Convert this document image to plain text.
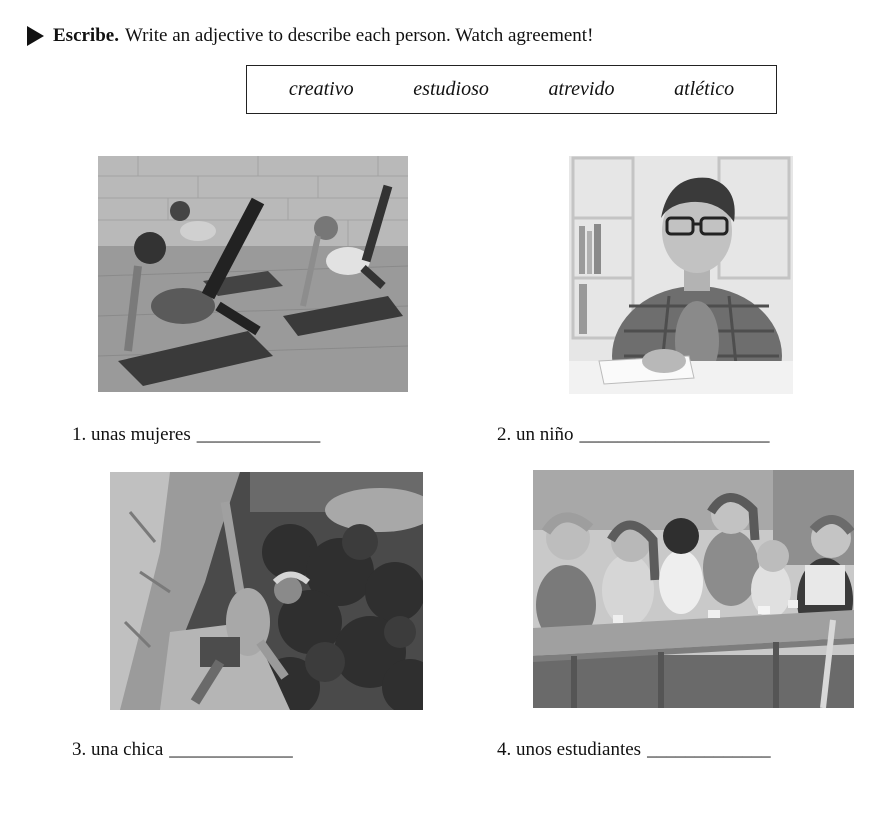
Escribe. Write an adjective to describe each person. Watch agreement!
creativo	estudioso	atrevido	atlético
1. unas mujeres _____________	2. un niño ____________________
3. una chica _____________	4. unos estudiantes _____________
